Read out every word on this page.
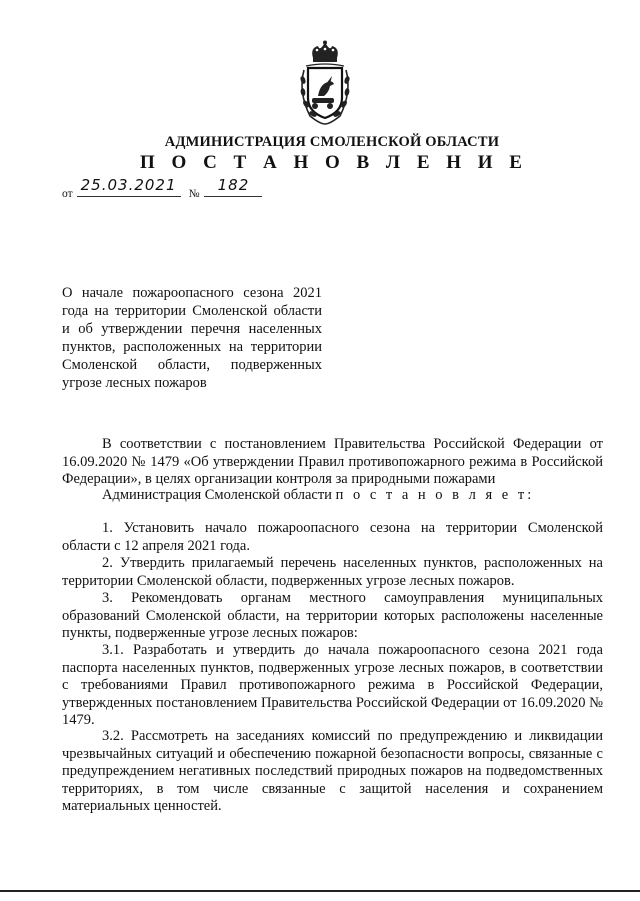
АДМИНИСТРАЦИЯ СМОЛЕНСКОЙ ОБЛАСТИ
П О С Т А Н О В Л Е Н И Е
от 25.03.2021 № 182
О начале пожароопасного сезона 2021 года на территории Смоленской области и об утверждении перечня населенных пунктов, расположенных на территории Смоленской области, подверженных угрозе лесных пожаров
В соответствии с постановлением Правительства Российской Федерации от 16.09.2020 № 1479 «Об утверждении Правил противопожарного режима в Российской Федерации», в целях организации контроля за природными пожарами
Администрация Смоленской области п о с т а н о в л я е т:
1. Установить начало пожароопасного сезона на территории Смоленской области с 12 апреля 2021 года.
2. Утвердить прилагаемый перечень населенных пунктов, расположенных на территории Смоленской области, подверженных угрозе лесных пожаров.
3. Рекомендовать органам местного самоуправления муниципальных образований Смоленской области, на территории которых расположены населенные пункты, подверженные угрозе лесных пожаров:
3.1. Разработать и утвердить до начала пожароопасного сезона 2021 года паспорта населенных пунктов, подверженных угрозе лесных пожаров, в соответствии с требованиями Правил противопожарного режима в Российской Федерации, утвержденных постановлением Правительства Российской Федерации от 16.09.2020 № 1479.
3.2. Рассмотреть на заседаниях комиссий по предупреждению и ликвидации чрезвычайных ситуаций и обеспечению пожарной безопасности вопросы, связанные с предупреждением негативных последствий природных пожаров на подведомственных территориях, в том числе связанные с защитой населения и сохранением материальных ценностей.
